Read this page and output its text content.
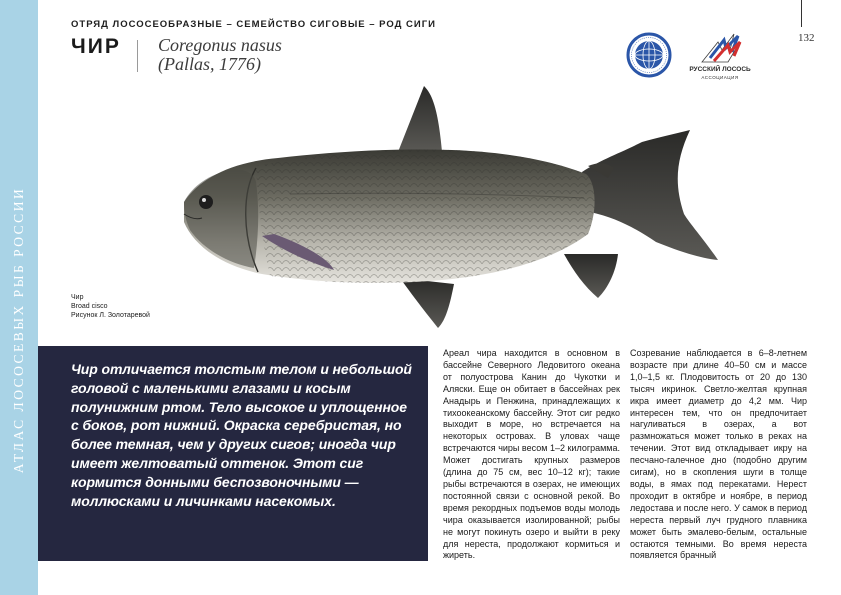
АТЛАС ЛОСОСЕВЫХ РЫБ РОССИИ
ОТРЯД ЛОСОСЕОБРАЗНЫЕ – СЕМЕЙСТВО СИГОВЫЕ – РОД СИГИ
ЧИР Coregonus nasus
(Pallas, 1776)
132
РУССКИЙ ЛОСОСЬ
АССОЦИАЦИЯ
Чир
Broad cisco
Рисунок Л. Золотаревой
Чир отличается толстым телом и небольшой головой с маленькими глазами и косым полунижним ртом. Тело высокое и уплощенное с боков, рот нижний. Окраска серебристая, но более темная, чем у других сигов; иногда чир имеет желтоватый оттенок. Этот сиг кормится донными беспозвоночными — моллюсками и личинками насекомых.
Ареал чира находится в основном в бассейне Северного Ледовитого океана от полуострова Канин до Чукотки и Аляски. Еще он обитает в бассейнах рек Анадырь и Пенжина, принадлежащих к тихоокеанскому бассейну. Этот сиг редко выходит в море, но встречается на некоторых островах. В уловах чаще встречаются чиры весом 1–2 килограмма. Может достигать крупных размеров (длина до 75 см, вес 10–12 кг); такие рыбы встречаются в озерах, не имеющих постоянной связи с основной рекой. Во время рекордных подъемов воды молодь чира оказывается изолированной; рыбы не могут покинуть озеро и выйти в реку для нереста, продолжают кормиться и жиреть.
Созревание наблюдается в 6–8-летнем возрасте при длине 40–50 см и массе 1,0–1,5 кг. Плодовитость от 20 до 130 тысяч икринок. Светло-желтая крупная икра имеет диаметр до 4,2 мм. Чир интересен тем, что он предпочитает нагуливаться в озерах, а вот размножаться может только в реках на течении. Этот вид откладывает икру на песчано-галечное дно (подобно другим сигам), но в скопления шуги в толще воды, в ямах под перекатами. Нерест проходит в октябре и ноябре, в период ледостава и после него. У самок в период нереста первый луч грудного плавника может быть эмалево-белым, остальные остаются темными. Во время нереста появляется брачный
